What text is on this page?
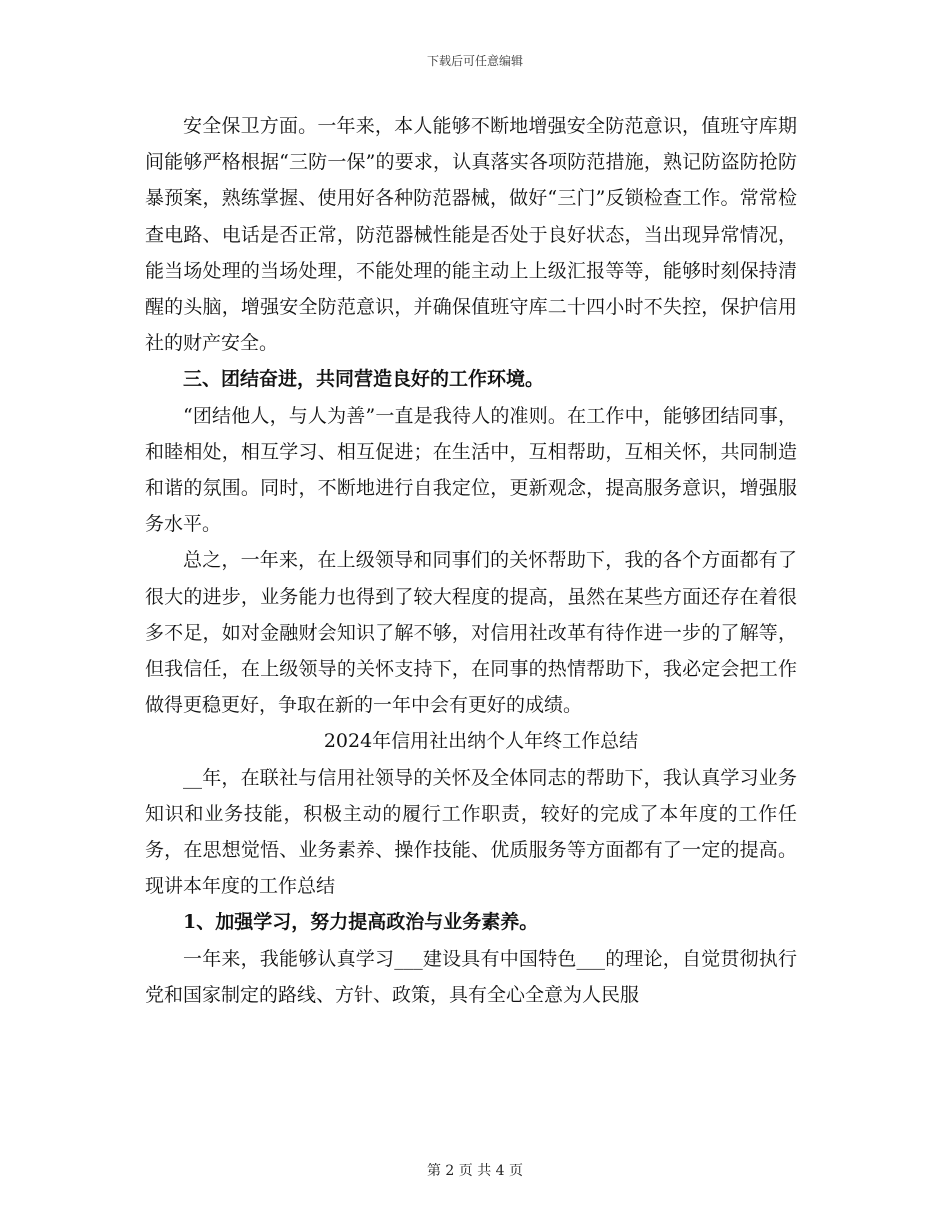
下载后可任意编辑

安全保卫方面。一年来，本人能够不断地增强安全防范意识，值班守库期间能够严格根据“三防一保”的要求，认真落实各项防范措施，熟记防盗防抢防暴预案，熟练掌握、使用好各种防范器械，做好“三门”反锁检查工作。常常检查电路、电话是否正常，防范器械性能是否处于良好状态，当出现异常情况，能当场处理的当场处理，不能处理的能主动上上级汇报等等，能够时刻保持清醒的头脑，增强安全防范意识，并确保值班守库二十四小时不失控，保护信用社的财产安全。

三、团结奋进，共同营造良好的工作环境。

“团结他人，与人为善”一直是我待人的准则。在工作中，能够团结同事，和睦相处，相互学习、相互促进；在生活中，互相帮助，互相关怀，共同制造和谐的氛围。同时，不断地进行自我定位，更新观念，提高服务意识，增强服务水平。

总之，一年来，在上级领导和同事们的关怀帮助下，我的各个方面都有了很大的进步，业务能力也得到了较大程度的提高，虽然在某些方面还存在着很多不足，如对金融财会知识了解不够，对信用社改革有待作进一步的了解等，但我信任，在上级领导的关怀支持下，在同事的热情帮助下，我必定会把工作做得更稳更好，争取在新的一年中会有更好的成绩。

2024年信用社出纳个人年终工作总结

__年，在联社与信用社领导的关怀及全体同志的帮助下，我认真学习业务知识和业务技能，积极主动的履行工作职责，较好的完成了本年度的工作任务，在思想觉悟、业务素养、操作技能、优质服务等方面都有了一定的提高。现讲本年度的工作总结

1、加强学习，努力提高政治与业务素养。

一年来，我能够认真学习___建设具有中国特色___的理论，自觉贯彻执行党和国家制定的路线、方针、政策，具有全心全意为人民服

第 2 页 共 4 页
